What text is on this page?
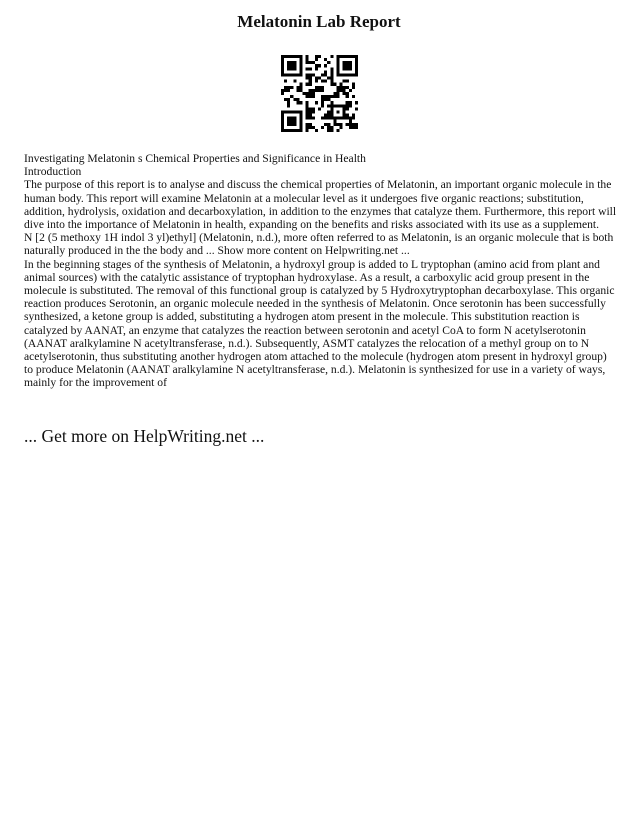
Melatonin Lab Report

Investigating Melatonin s Chemical Properties and Significance in Health

Introduction

The purpose of this report is to analyse and discuss the chemical properties of Melatonin, an important organic molecule in the human body. This report will examine Melatonin at a molecular level as it undergoes five organic reactions; substitution, addition, hydrolysis, oxidation and decarboxylation, in addition to the enzymes that catalyze them. Furthermore, this report will dive into the importance of Melatonin in health, expanding on the benefits and risks associated with its use as a supplement.

N [2 (5 methoxy 1H indol 3 yl)ethyl] (Melatonin, n.d.), more often referred to as Melatonin, is an organic molecule that is both naturally produced in the the body and ... Show more content on Helpwriting.net ...

In the beginning stages of the synthesis of Melatonin, a hydroxyl group is added to L tryptophan (amino acid from plant and animal sources) with the catalytic assistance of tryptophan hydroxylase. As a result, a carboxylic acid group present in the molecule is substituted. The removal of this functional group is catalyzed by 5 Hydroxytryptophan decarboxylase. This organic reaction produces Serotonin, an organic molecule needed in the synthesis of Melatonin. Once serotonin has been successfully synthesized, a ketone group is added, substituting a hydrogen atom present in the molecule. This substitution reaction is catalyzed by AANAT, an enzyme that catalyzes the reaction between serotonin and acetyl CoA to form N acetylserotonin (AANAT aralkylamine N acetyltransferase, n.d.). Subsequently, ASMT catalyzes the relocation of a methyl group on to N acetylserotonin, thus substituting another hydrogen atom attached to the molecule (hydrogen atom present in hydroxyl group) to produce Melatonin (AANAT aralkylamine N acetyltransferase, n.d.). Melatonin is synthesized for use in a variety of ways, mainly for the improvement of

... Get more on HelpWriting.net ...
